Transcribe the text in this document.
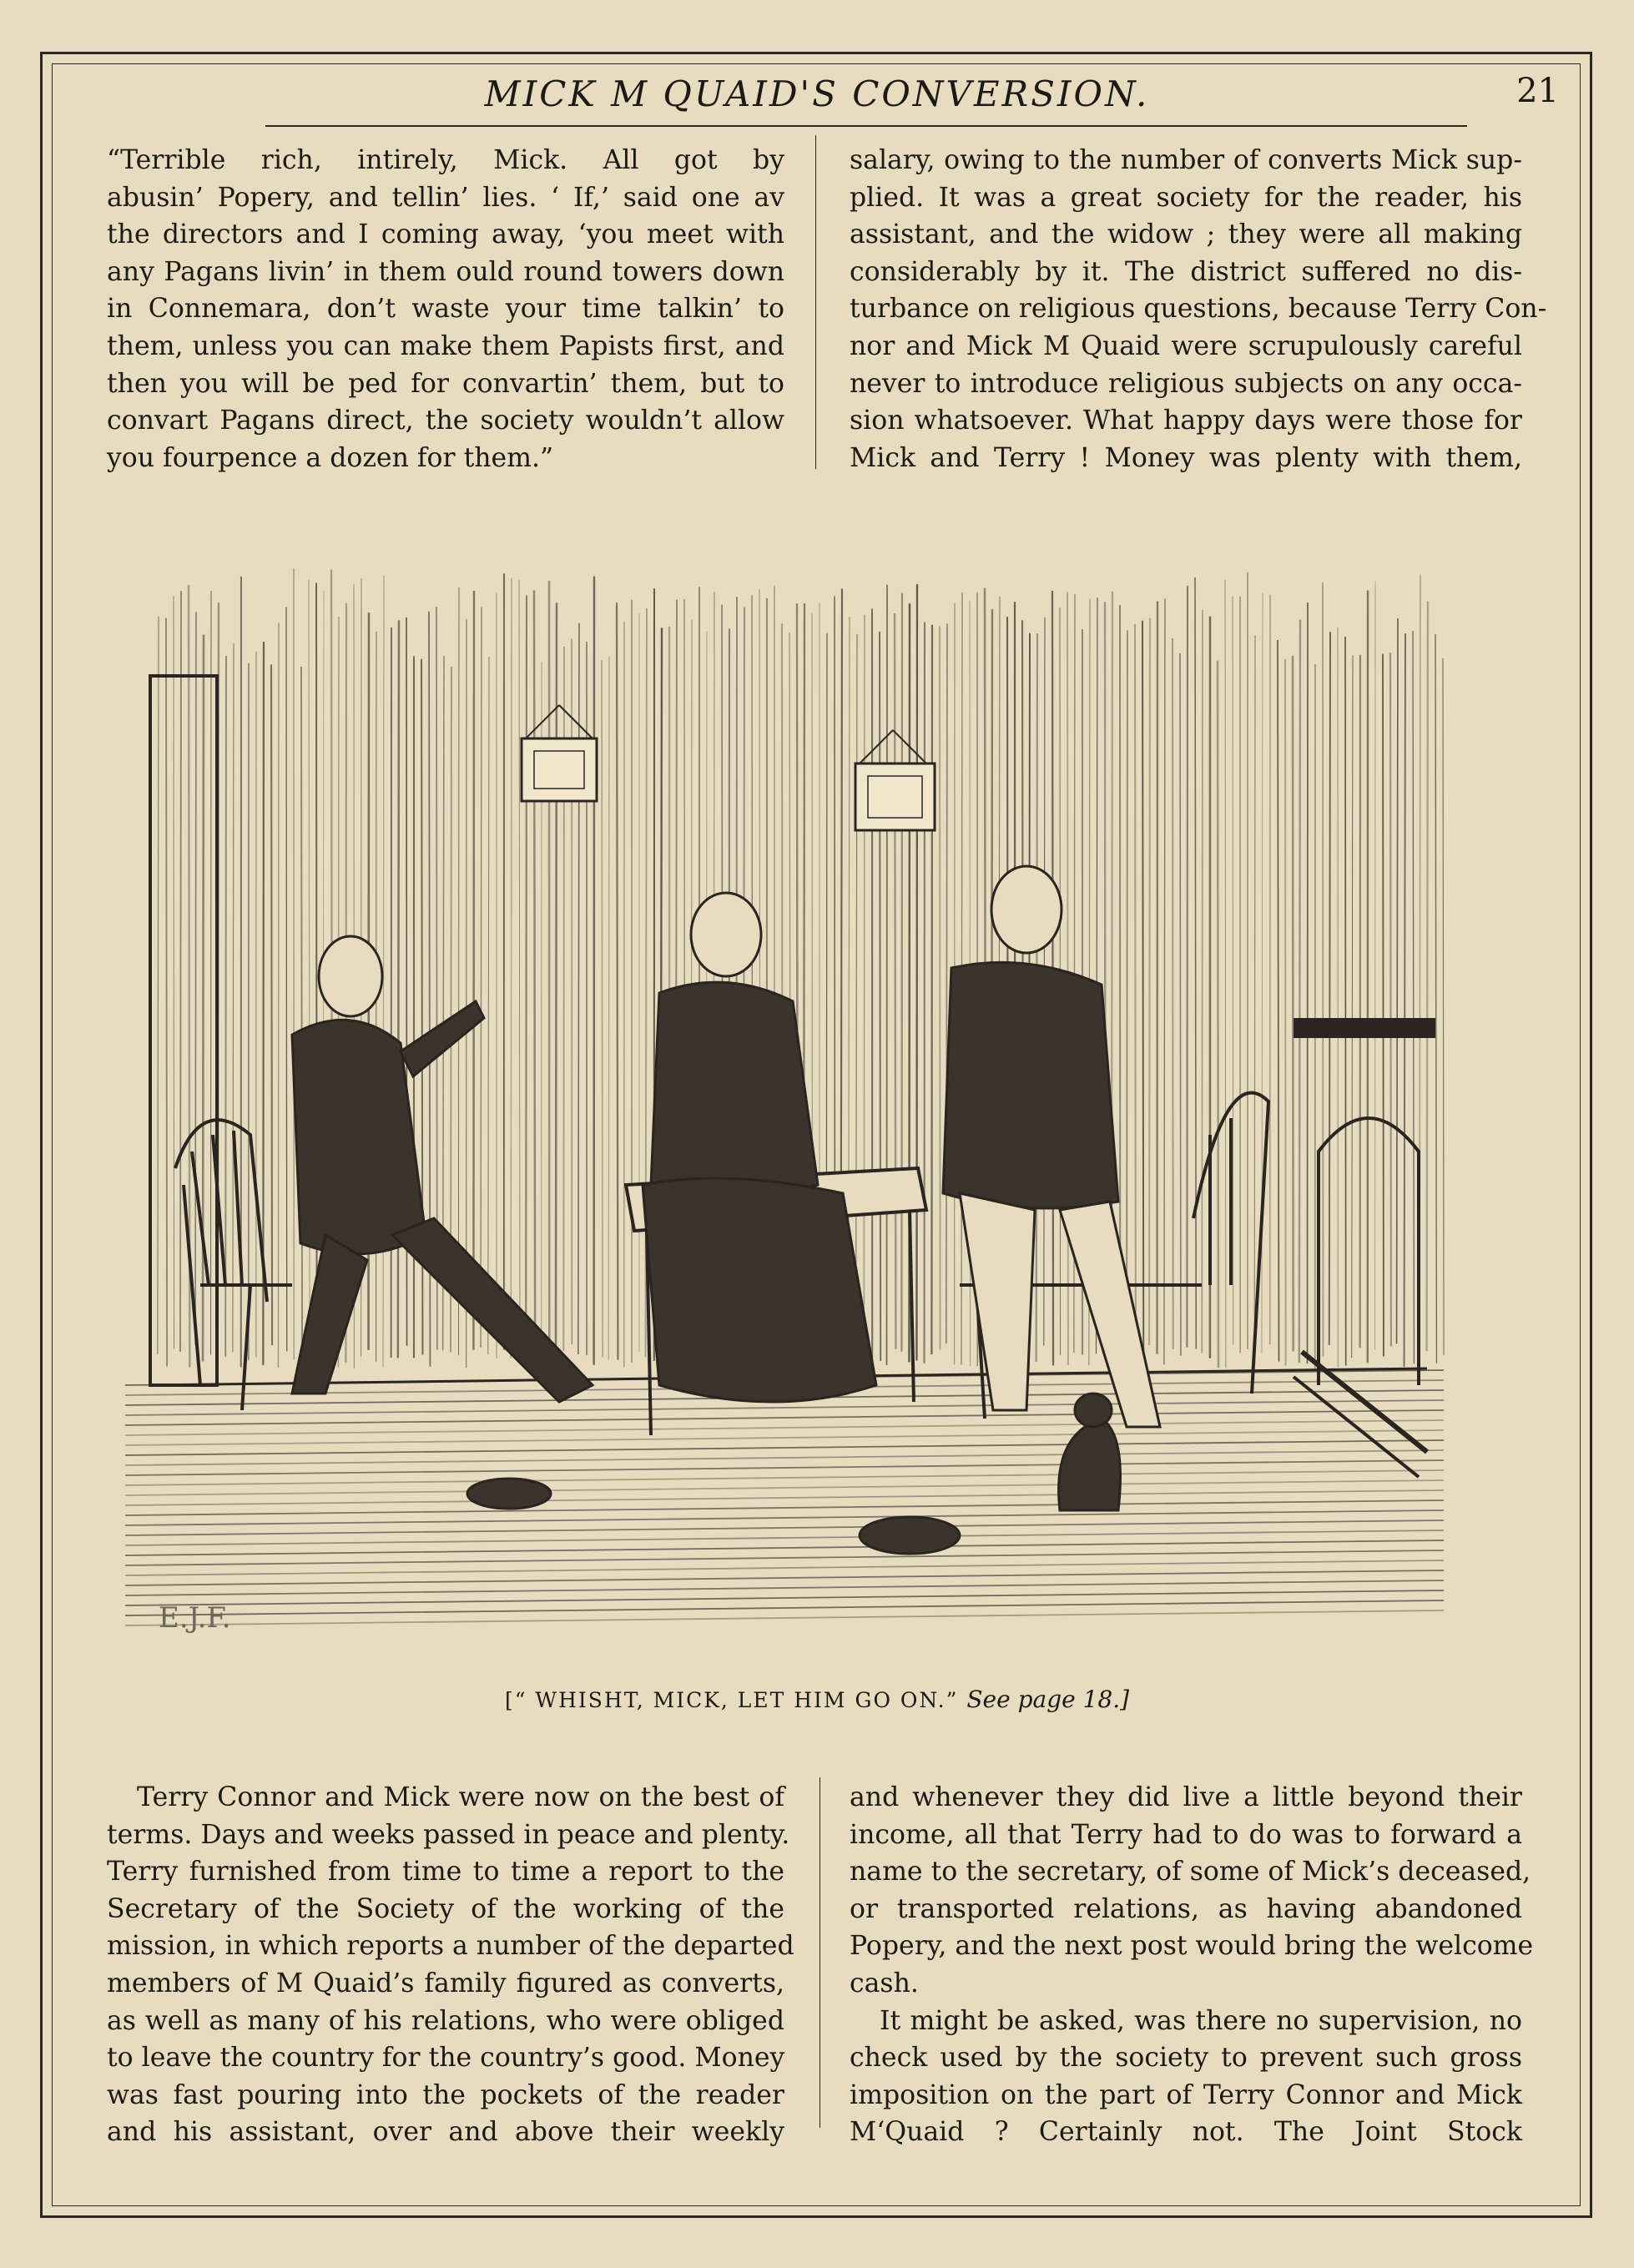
MICK M QUAID'S CONVERSION.	21
“Terrible rich, intirely, Mick. All got by
abusin’ Popery, and tellin’ lies. ‘ If,’ said one av
the directors and I coming away, ‘you meet with
any Pagans livin’ in them ould round towers down
in Connemara, don’t waste your time talkin’ to
them, unless you can make them Papists first, and
then you will be ped for convartin’ them, but to
convart Pagans direct, the society wouldn’t allow
you fourpence a dozen for them.”
salary, owing to the number of converts Mick sup-
plied. It was a great society for the reader, his
assistant, and the widow ; they were all making
considerably by it. The district suffered no dis-
turbance on religious questions, because Terry Con-
nor and Mick M Quaid were scrupulously careful
never to introduce religious subjects on any occa-
sion whatsoever. What happy days were those for
Mick and Terry ! Money was plenty with them,
E.J.F.
[“ WHISHT, MICK, LET HIM GO ON.” See page 18.]
Terry Connor and Mick were now on the best of
terms. Days and weeks passed in peace and plenty.
Terry furnished from time to time a report to the
Secretary of the Society of the working of the
mission, in which reports a number of the departed
members of M Quaid’s family figured as converts,
as well as many of his relations, who were obliged
to leave the country for the country’s good. Money
was fast pouring into the pockets of the reader
and his assistant, over and above their weekly
and whenever they did live a little beyond their
income, all that Terry had to do was to forward a
name to the secretary, of some of Mick’s deceased,
or transported relations, as having abandoned
Popery, and the next post would bring the welcome
cash.
It might be asked, was there no supervision, no
check used by the society to prevent such gross
imposition on the part of Terry Connor and Mick
M‘Quaid ? Certainly not. The Joint Stock
